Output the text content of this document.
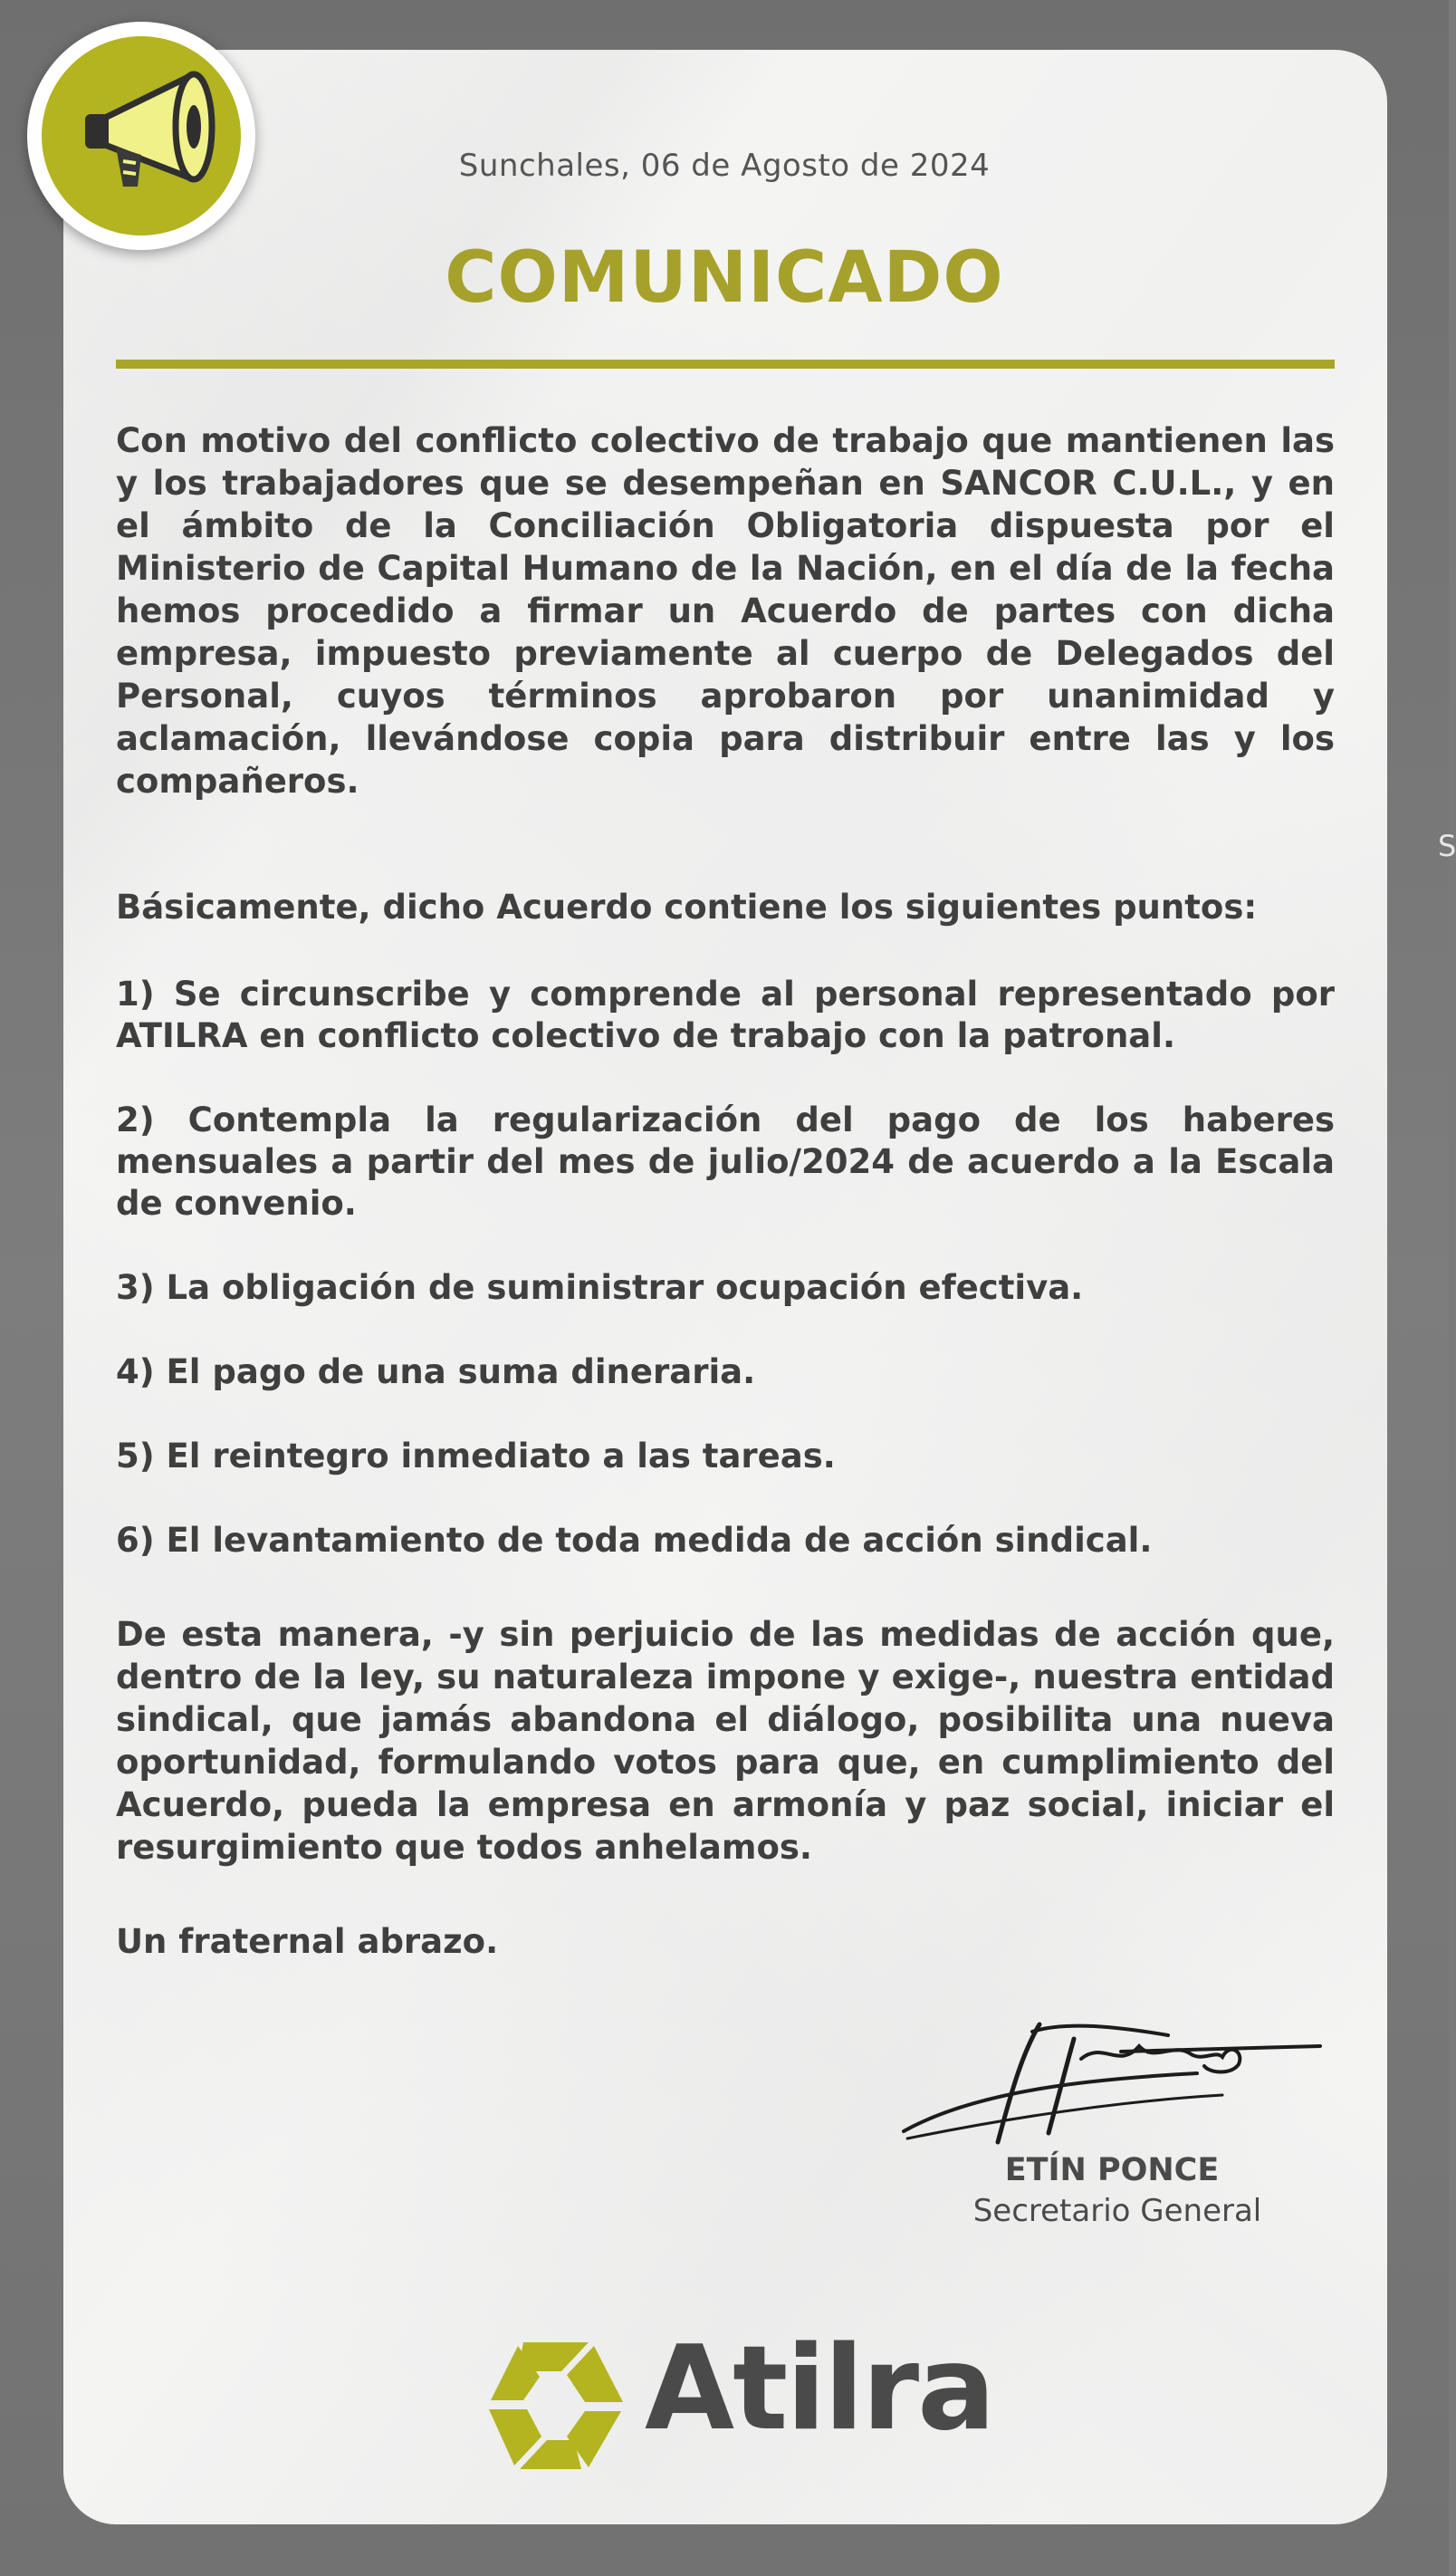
S
Sunchales, 06 de Agosto de 2024
COMUNICADO

Con motivo del conflicto colectivo de trabajo que mantienen las y los trabajadores que se desempeñan en SANCOR C.U.L., y en el ámbito de la Conciliación Obligatoria dispuesta por el Ministerio de Capital Humano de la Nación, en el día de la fecha hemos procedido a firmar un Acuerdo de partes con dicha empresa, impuesto previamente al cuerpo de Delegados del Personal, cuyos términos aprobaron por unanimidad y aclamación, llevándose copia para distribuir entre las y los compañeros.

Básicamente, dicho Acuerdo contiene los siguientes puntos:

1) Se circunscribe y comprende al personal representado por ATILRA en conflicto colectivo de trabajo con la patronal.

2) Contempla la regularización del pago de los haberes mensuales a partir del mes de julio/2024 de acuerdo a la Escala de convenio.

3) La obligación de suministrar ocupación efectiva.

4) El pago de una suma dineraria.

5) El reintegro inmediato a las tareas.

6) El levantamiento de toda medida de acción sindical.

De esta manera, -y sin perjuicio de las medidas de acción que, dentro de la ley, su naturaleza impone y exige-, nuestra entidad sindical, que jamás abandona el diálogo, posibilita una nueva oportunidad, formulando votos para que, en cumplimiento del Acuerdo, pueda la empresa en armonía y paz social, iniciar el resurgimiento que todos anhelamos.

Un fraternal abrazo.

ETÍN PONCE
Secretario General
Atilra
